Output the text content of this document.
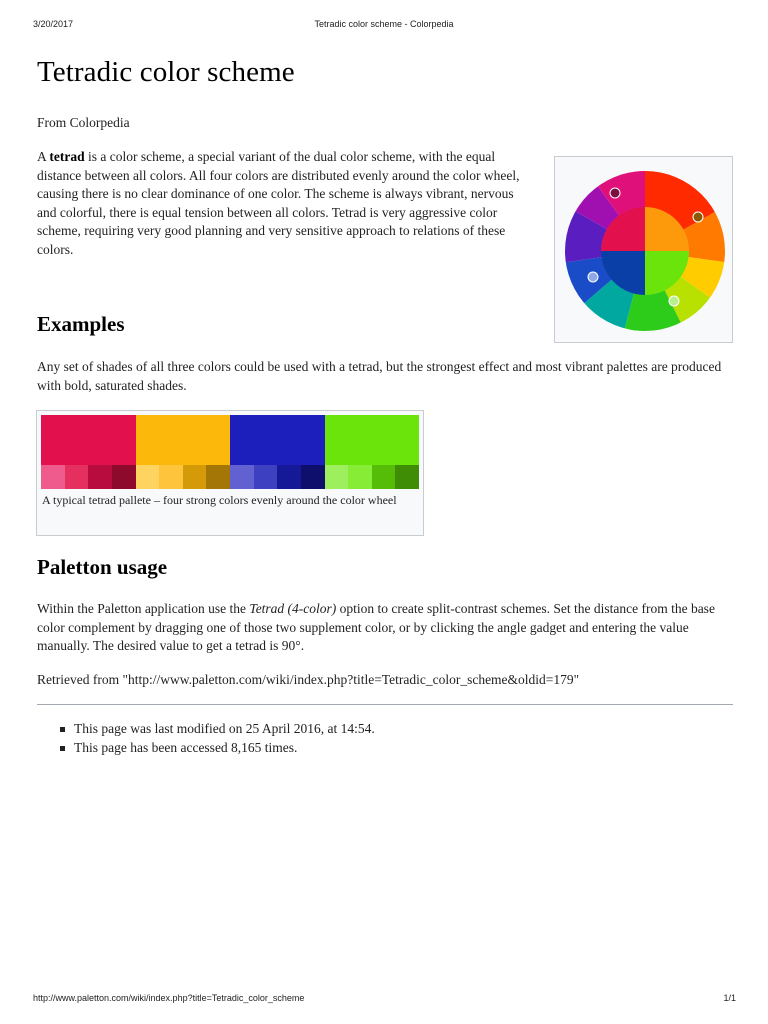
3/20/2017	Tetradic color scheme - Colorpedia
Tetradic color scheme
From Colorpedia

A tetrad is a color scheme, a special variant of the dual color scheme, with the equal distance between all colors. All four colors are distributed evenly around the color wheel, causing there is no clear dominance of one color. The scheme is always vibrant, nervous and colorful, there is equal tension between all colors. Tetrad is very aggressive color scheme, requiring very good planning and very sensitive approach to relations of these colors.

Examples

Any set of shades of all three colors could be used with a tetrad, but the strongest effect and most vibrant palettes are produced with bold, saturated shades.

A typical tetrad pallete – four strong colors evenly around the color wheel
Paletton usage

Within the Paletton application use the Tetrad (4-color) option to create split-contrast schemes. Set the distance from the base color complement by dragging one of those two supplement color, or by clicking the angle gadget and entering the value manually. The desired value to get a tetrad is 90°.

Retrieved from "http://www.paletton.com/wiki/index.php?title=Tetradic_color_scheme&oldid=179"

This page was last modified on 25 April 2016, at 14:54.
This page has been accessed 8,165 times.
http://www.paletton.com/wiki/index.php?title=Tetradic_color_scheme	1/1
